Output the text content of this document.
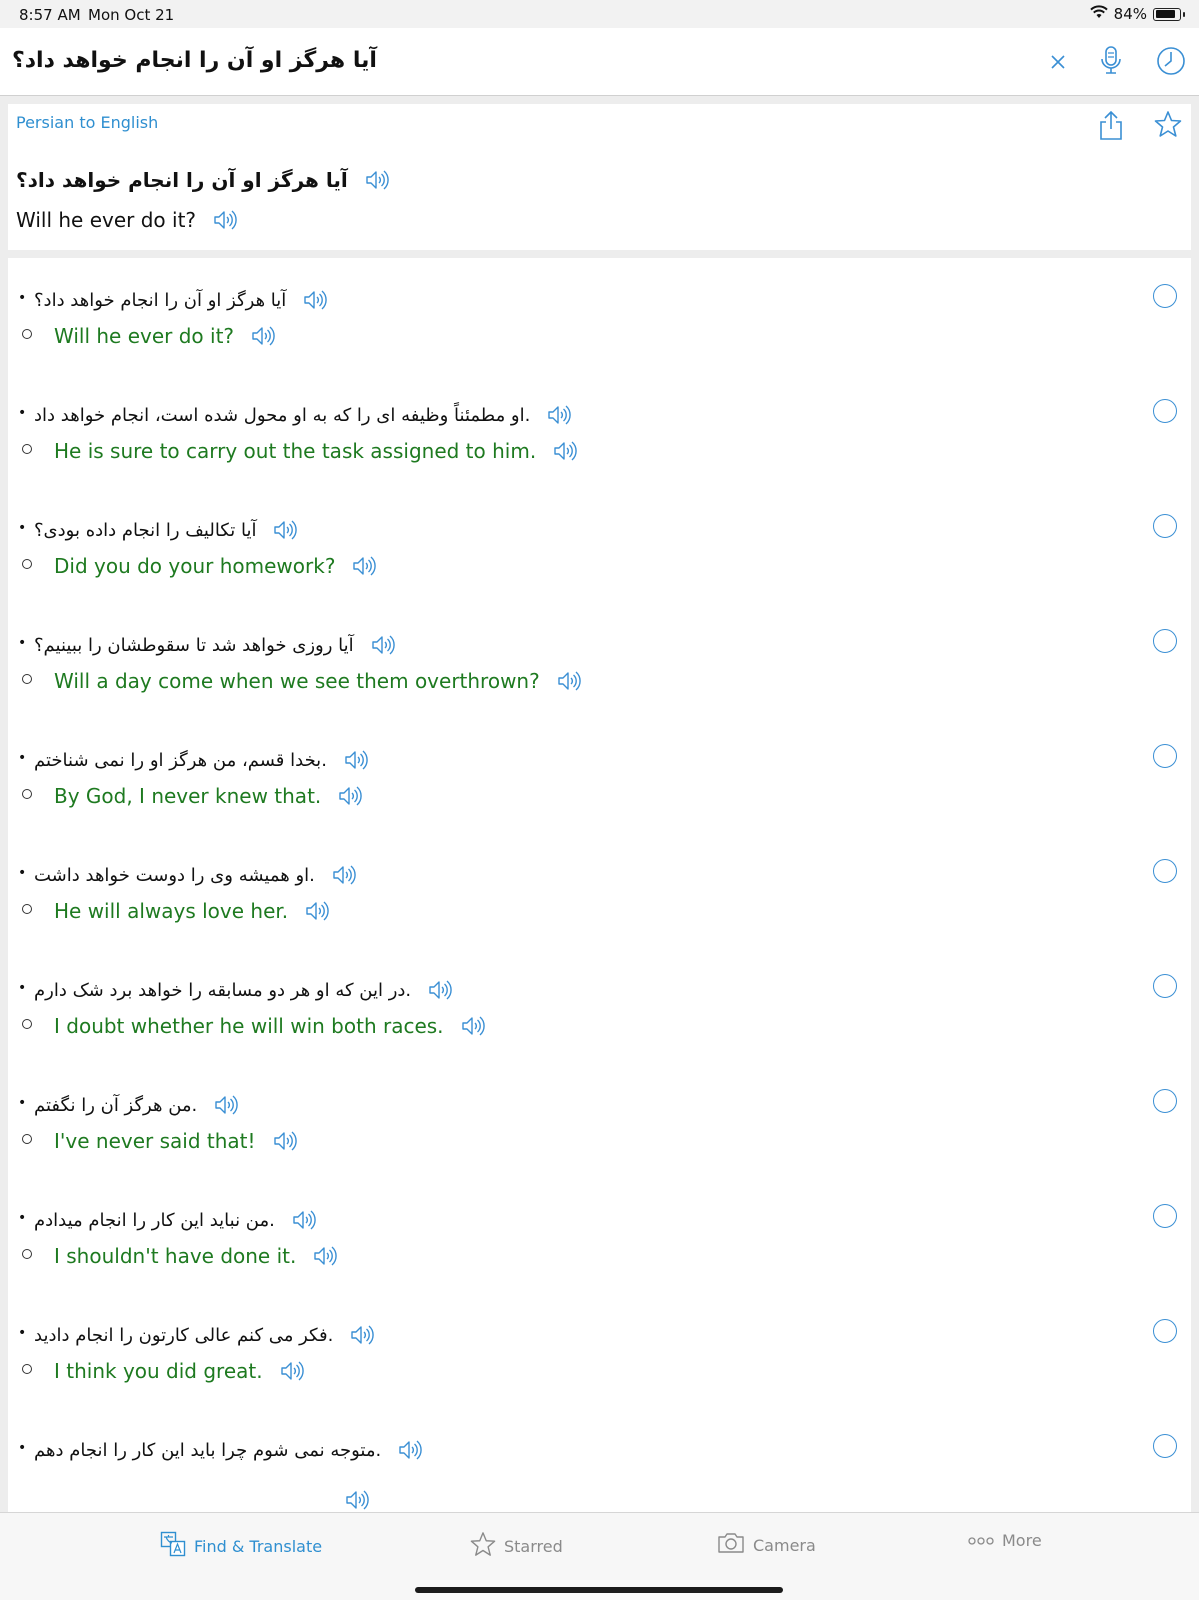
8:57 AM Mon Oct 21	84%
آیا هرگز او آن را انجام خواهد داد؟
Persian to English
آیا هرگز او آن را انجام خواهد داد؟
Will he ever do it?
• آیا هرگز او آن را انجام خواهد داد؟
Will he ever do it?
• .او مطمئناً وظیفه ای را که به او محول شده است، انجام خواهد داد
He is sure to carry out the task assigned to him.
• آیا تکالیف را انجام داده بودی؟
Did you do your homework?
• آیا روزی خواهد شد تا سقوطشان را ببینیم؟
Will a day come when we see them overthrown?
• .بخدا قسم، من هرگز او را نمی شناختم
By God, I never knew that.
• .او همیشه وی را دوست خواهد داشت
He will always love her.
• .در این که او هر دو مسابقه را خواهد برد شک دارم
I doubt whether he will win both races.
• .من هرگز آن را نگفتم
I've never said that!
• .من نباید این کار را انجام میدادم
I shouldn't have done it.
• .فکر می کنم عالی کارتون را انجام دادید
I think you did great.
• .متوجه نمی شوم چرا باید این کار را انجام دهم
Find & Translate	Starred	Camera	More
